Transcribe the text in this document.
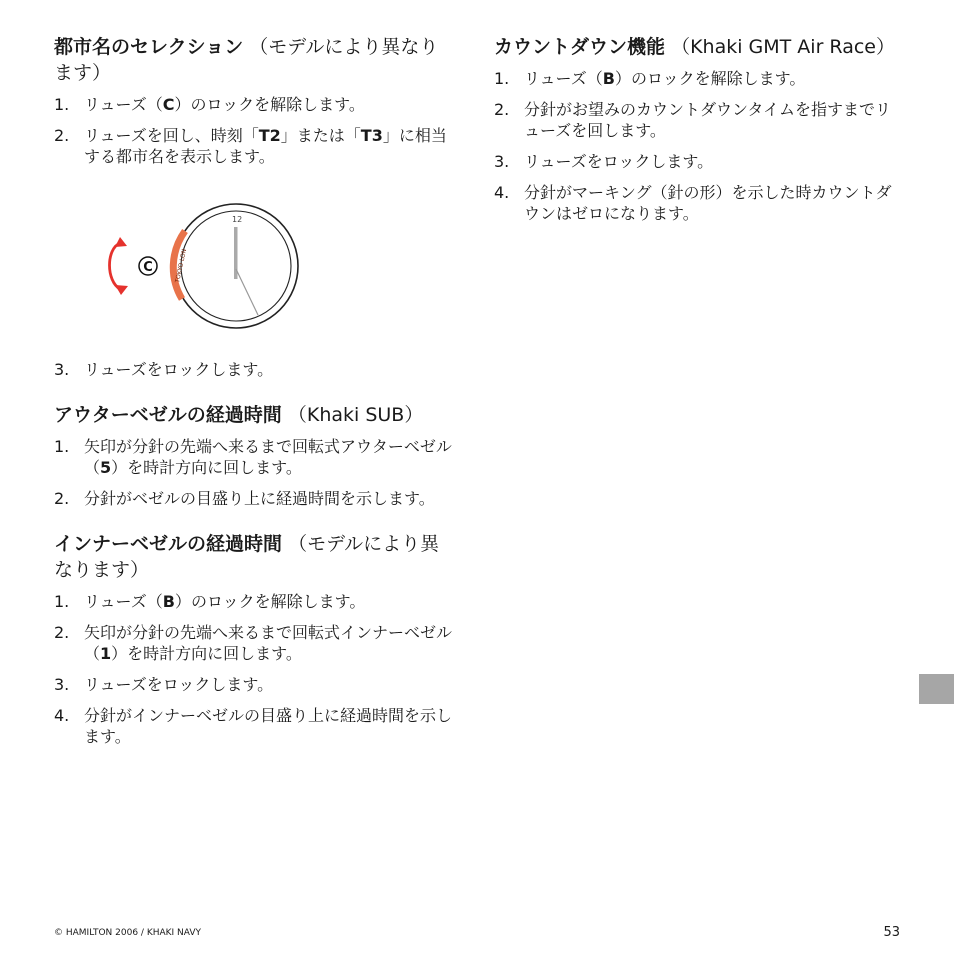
都市名のセレクション （モデルにより異なります）
1. リューズ（C）のロックを解除します。
2. リューズを回し、時刻「T2」または「T3」に相当する都市名を表示します。
TOKYO LON
12
C
3. リューズをロックします。
アウターベゼルの経過時間 （Khaki SUB）
1. 矢印が分針の先端へ来るまで回転式アウターベゼル（5）を時計方向に回します。
2. 分針がベゼルの目盛り上に経過時間を示します。
インナーベゼルの経過時間 （モデルにより異なります）
1. リューズ（B）のロックを解除します。
2. 矢印が分針の先端へ来るまで回転式インナーベゼル（1）を時計方向に回します。
3. リューズをロックします。
4. 分針がインナーベゼルの目盛り上に経過時間を示します。
カウントダウン機能 （Khaki GMT Air Race）
1. リューズ（B）のロックを解除します。
2. 分針がお望みのカウントダウンタイムを指すまでリューズを回します。
3. リューズをロックします。
4. 分針がマーキング（針の形）を示した時カウントダウンはゼロになります。
© HAMILTON 2006 / KHAKI NAVY	53
